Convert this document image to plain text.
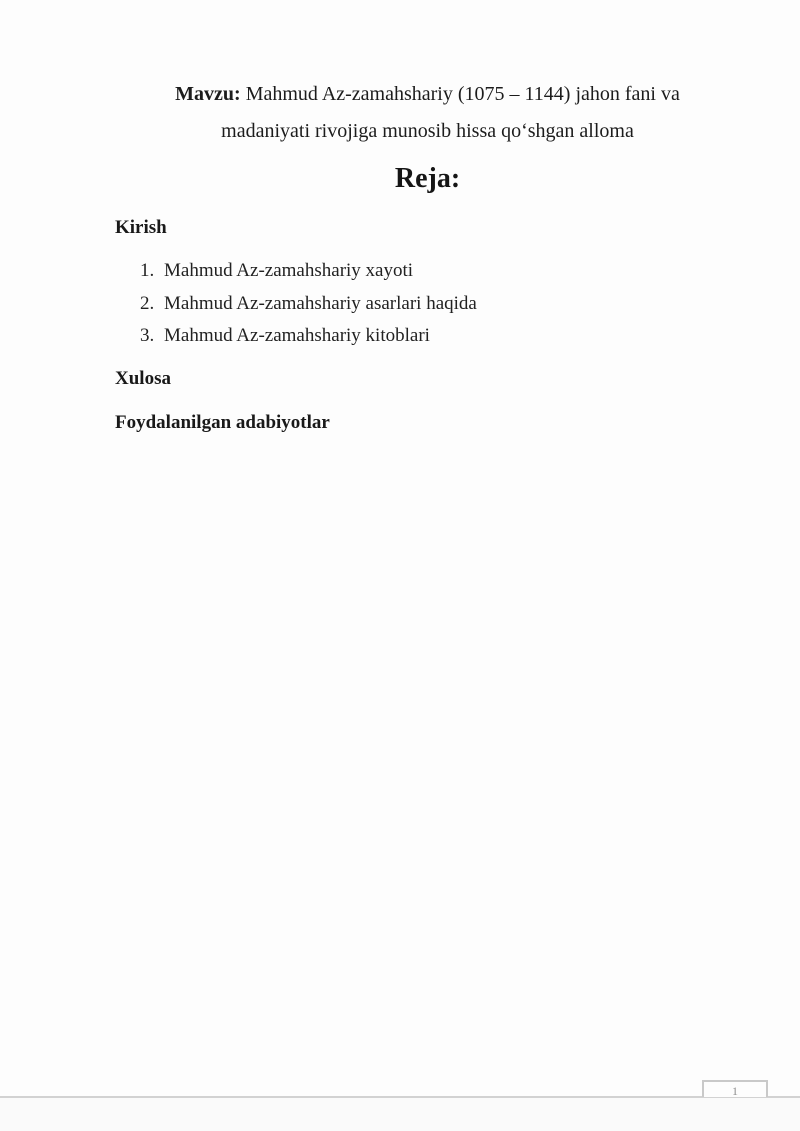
Mavzu: Mahmud Az-zamahshariy (1075 – 1144) jahon fani va
madaniyati rivojiga munosib hissa qoʻshgan alloma
Reja:
Kirish
1. Mahmud Az-zamahshariy xayoti
2. Mahmud Az-zamahshariy asarlari haqida
3. Mahmud Az-zamahshariy kitoblari
Xulosa
Foydalanilgan adabiyotlar
1
